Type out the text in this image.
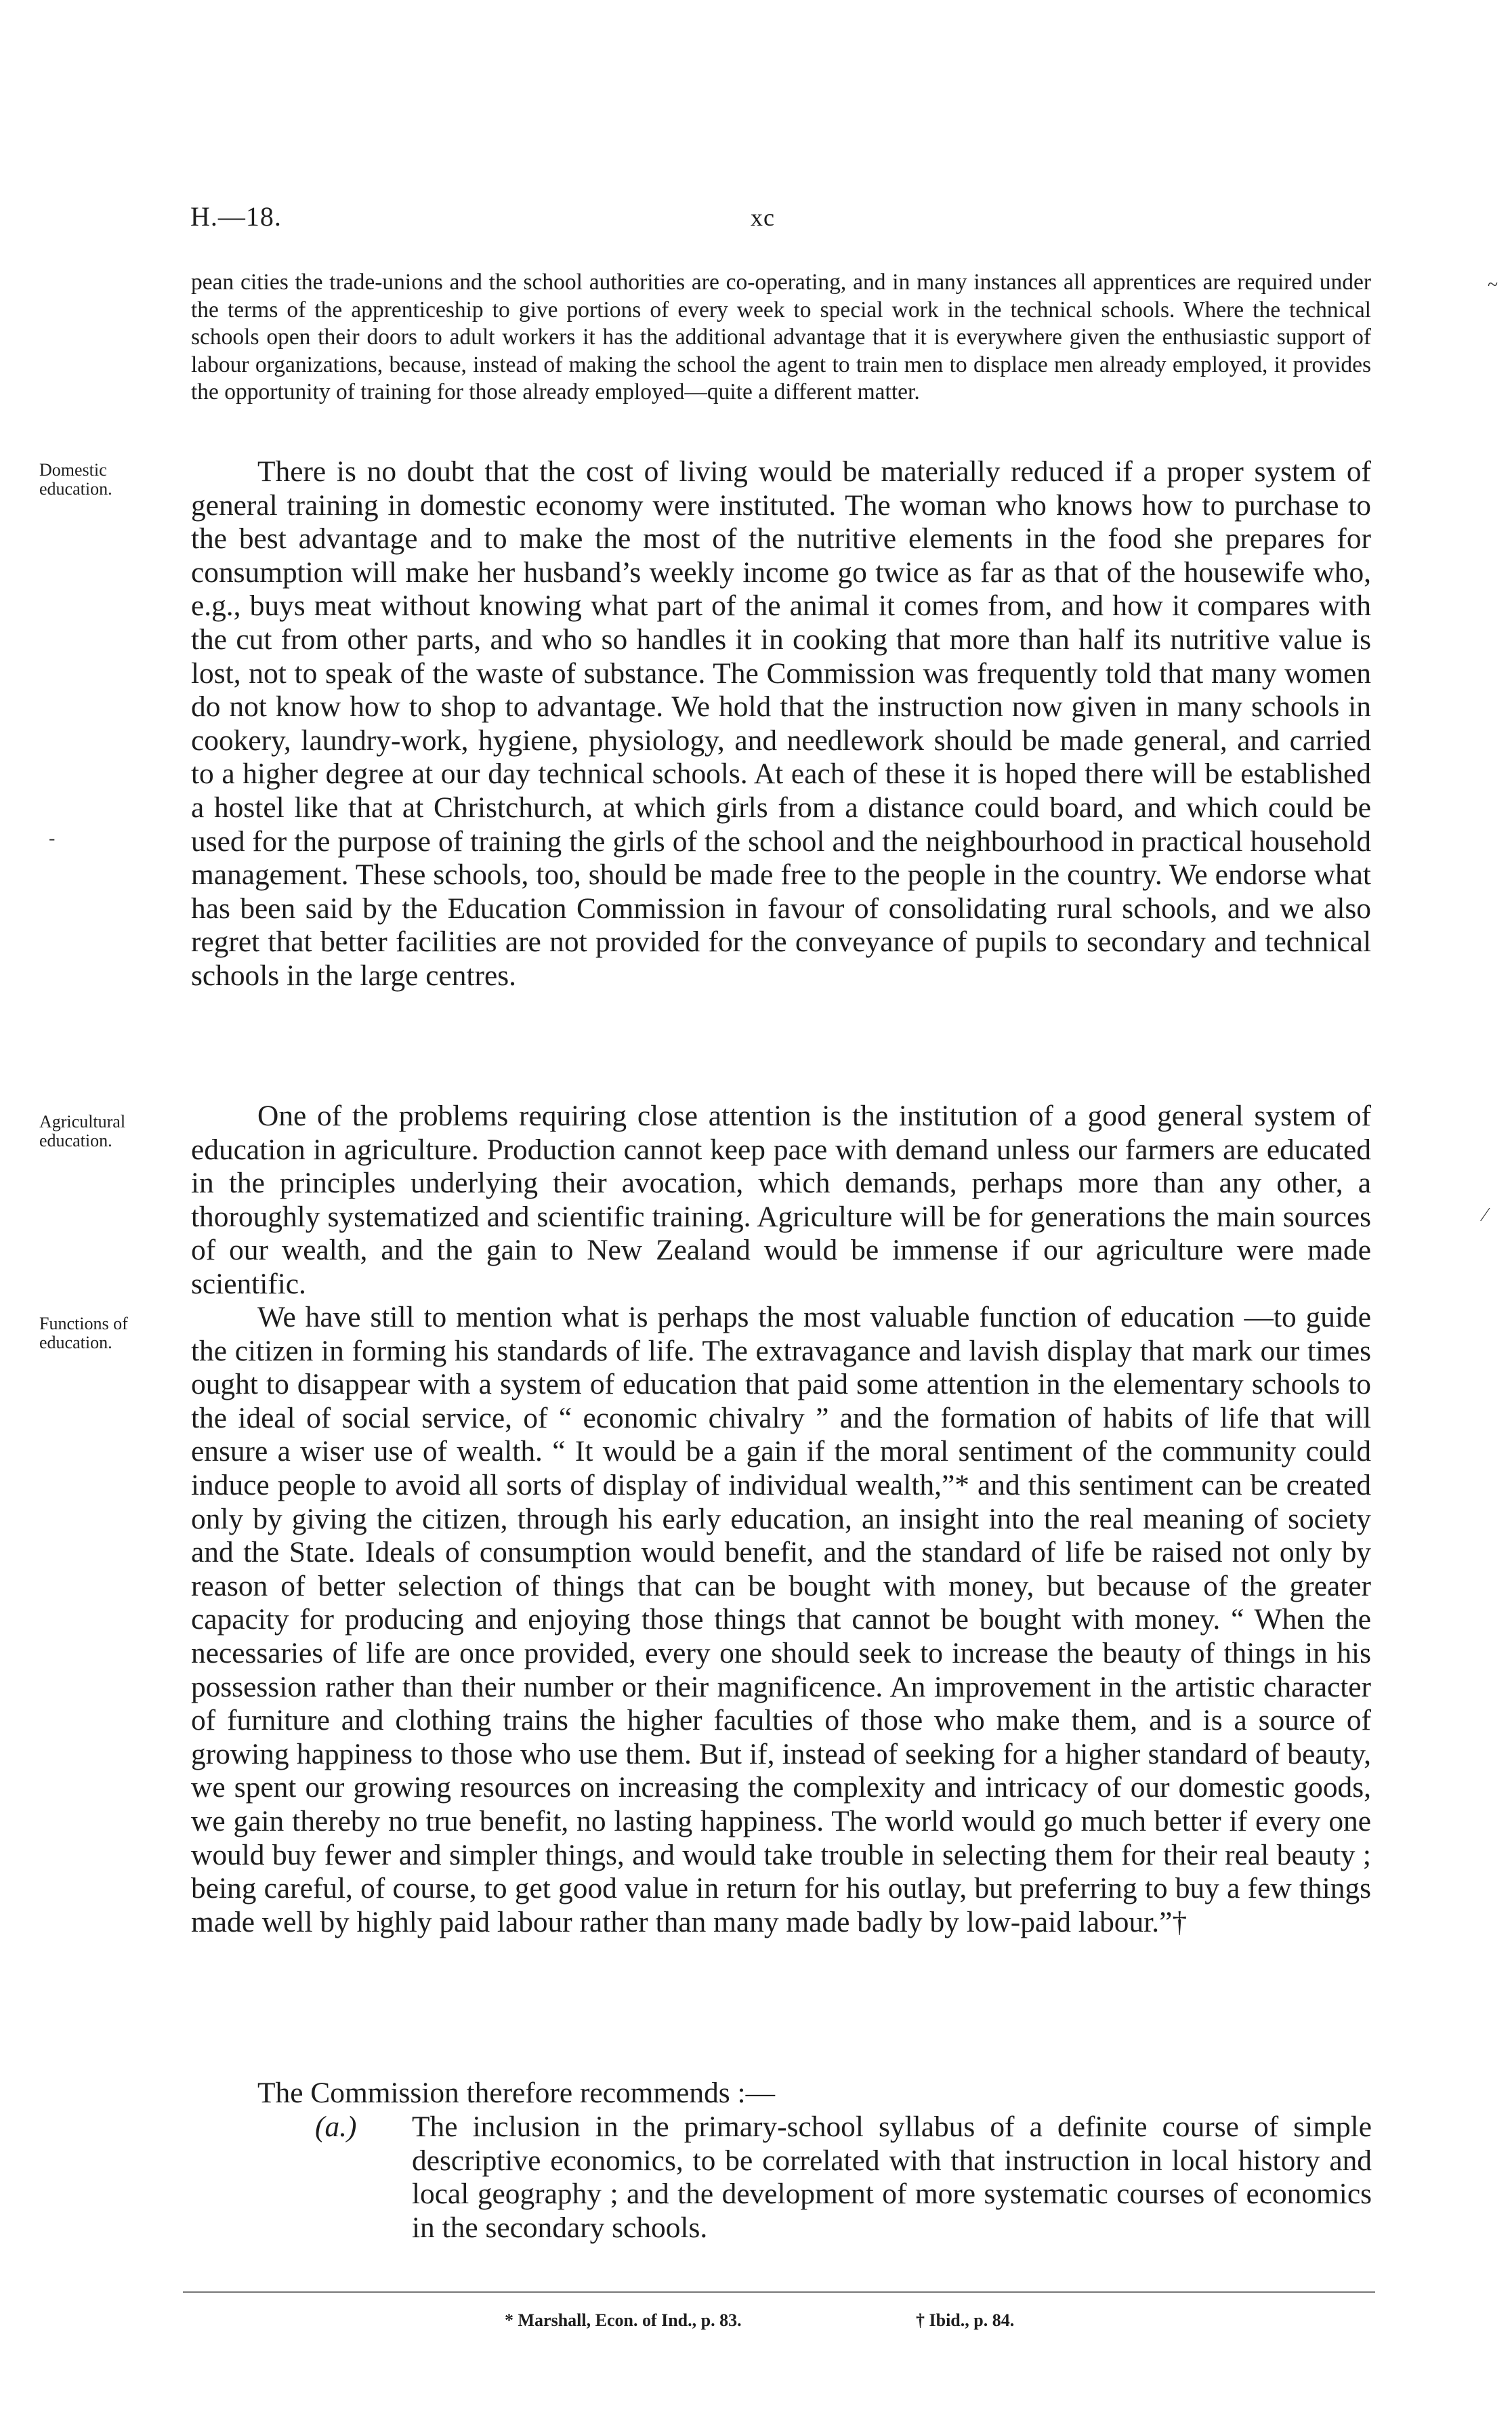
H.—18.	xc

pean cities the trade-unions and the school authorities are co-operating, and in many instances all apprentices are required under the terms of the apprenticeship to give portions of every week to special work in the technical schools. Where the technical schools open their doors to adult workers it has the additional advantage that it is everywhere given the enthusiastic support of labour organizations, because, instead of making the school the agent to train men to displace men already employed, it provides the opportunity of training for those already employed—quite a different matter.

Domestic education.

There is no doubt that the cost of living would be materially reduced if a proper system of general training in domestic economy were instituted. The woman who knows how to purchase to the best advantage and to make the most of the nutritive elements in the food she prepares for consumption will make her husband’s weekly income go twice as far as that of the housewife who, e.g., buys meat without knowing what part of the animal it comes from, and how it compares with the cut from other parts, and who so handles it in cooking that more than half its nutritive value is lost, not to speak of the waste of substance. The Commission was frequently told that many women do not know how to shop to advantage. We hold that the instruction now given in many schools in cookery, laundry-work, hygiene, physiology, and needlework should be made general, and carried to a higher degree at our day technical schools. At each of these it is hoped there will be established a hostel like that at Christchurch, at which girls from a distance could board, and which could be used for the purpose of training the girls of the school and the neighbourhood in practical household management. These schools, too, should be made free to the people in the country. We endorse what has been said by the Education Commission in favour of consolidating rural schools, and we also regret that better facilities are not provided for the conveyance of pupils to secondary and technical schools in the large centres.

Agricultural education.

One of the problems requiring close attention is the institution of a good general system of education in agriculture. Production cannot keep pace with demand unless our farmers are educated in the principles underlying their avocation, which demands, perhaps more than any other, a thoroughly systematized and scientific training. Agriculture will be for generations the main sources of our wealth, and the gain to New Zealand would be immense if our agriculture were made scientific.

Functions of education.

We have still to mention what is perhaps the most valuable function of education —to guide the citizen in forming his standards of life. The extravagance and lavish display that mark our times ought to disappear with a system of education that paid some attention in the elementary schools to the ideal of social service, of “ economic chivalry ” and the formation of habits of life that will ensure a wiser use of wealth. “ It would be a gain if the moral sentiment of the community could induce people to avoid all sorts of display of individual wealth,”* and this sentiment can be created only by giving the citizen, through his early education, an insight into the real meaning of society and the State. Ideals of consumption would benefit, and the standard of life be raised not only by reason of better selection of things that can be bought with money, but because of the greater capacity for producing and enjoying those things that cannot be bought with money. “ When the necessaries of life are once provided, every one should seek to increase the beauty of things in his possession rather than their number or their magnificence. An improvement in the artistic character of furniture and clothing trains the higher faculties of those who make them, and is a source of growing happiness to those who use them. But if, instead of seeking for a higher standard of beauty, we spent our growing resources on increasing the complexity and intricacy of our domestic goods, we gain thereby no true benefit, no lasting happiness. The world would go much better if every one would buy fewer and simpler things, and would take trouble in selecting them for their real beauty ; being careful, of course, to get good value in return for his outlay, but preferring to buy a few things made well by highly paid labour rather than many made badly by low-paid labour.”†

The Commission therefore recommends :—
(a.) The inclusion in the primary-school syllabus of a definite course of simple descriptive economics, to be correlated with that instruction in local history and local geography ; and the development of more systematic courses of economics in the secondary schools.
* Marshall, Econ. of Ind., p. 83.	† Ibid., p. 84.
~
-
⁄
